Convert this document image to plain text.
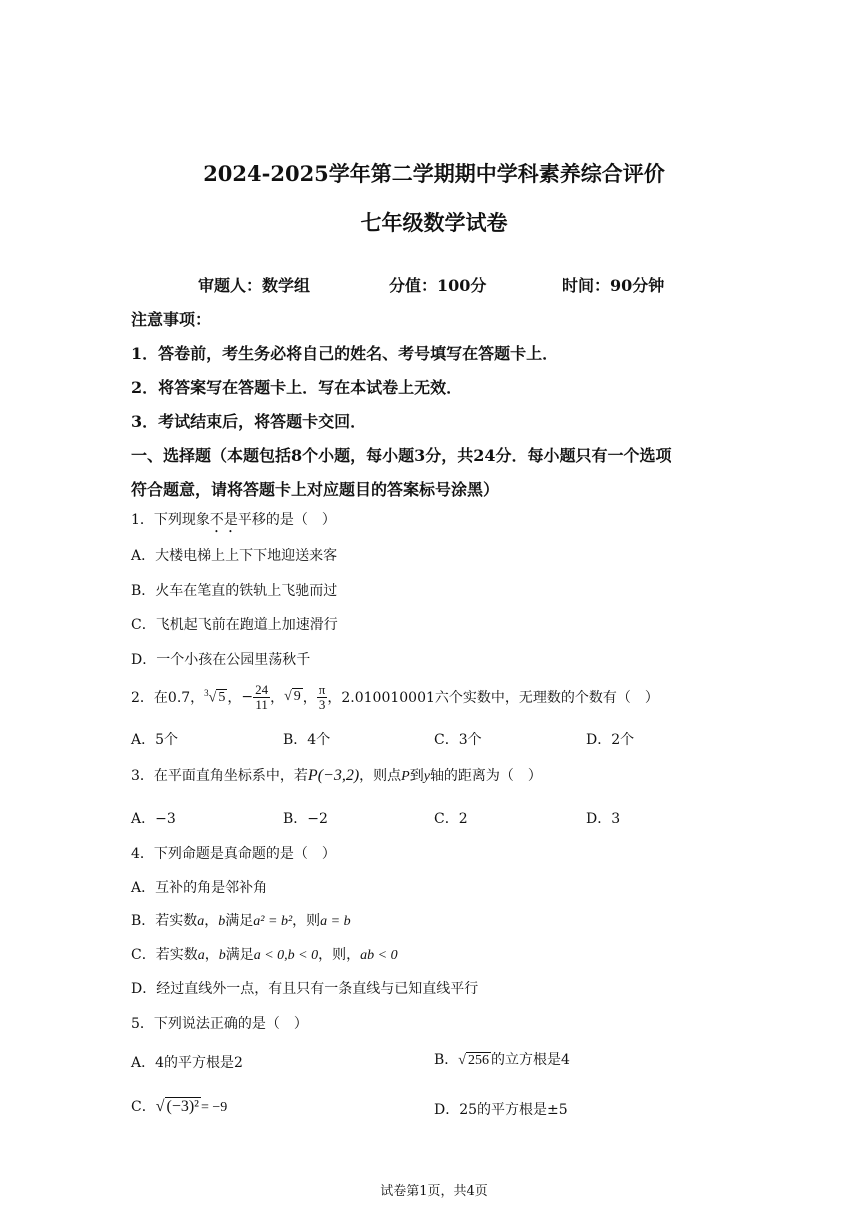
2024-2025学年第二学期期中学科素养综合评价
七年级数学试卷
审题人：数学组	分值：100分	时间：90分钟
注意事项：
1．答卷前，考生务必将自己的姓名、考号填写在答题卡上．
2．将答案写在答题卡上．写在本试卷上无效．
3．考试结束后，将答题卡交回．
一、选择题（本题包括8个小题，每小题3分，共24分．每小题只有一个选项
符合题意，请将答题卡上对应题目的答案标号涂黑）
1．下列现象不是平移的是（　）
A．大楼电梯上上下下地迎送来客
B．火车在笔直的铁轨上飞驰而过
C．飞机起飞前在跑道上加速滑行
D．一个小孩在公园里荡秋千
2．在0.7， $^3$√ 5 ， − $\frac{24}{11}$ ， √ 9 ， $\frac{\pi}{3}$ ，2.010010001六个实数中，无理数的个数有（　）
A．5个	B．4个	C．3个	D．2个
3．在平面直角坐标系中，若P(−3,2)，则点P到y轴的距离为（　）
A．−3	B．−2	C．2	D．3
4．下列命题是真命题的是（　）
A．互补的角是邻补角
B．若实数a，b满足a² = b²，则a = b
C．若实数a，b满足a < 0,b < 0，则，ab < 0
D．经过直线外一点，有且只有一条直线与已知直线平行
5．下列说法正确的是（　）
A．4的平方根是2	B．√ 256 的立方根是4
C．√ (−3)² = −9	D．25的平方根是±5
试卷第1页，共4页
